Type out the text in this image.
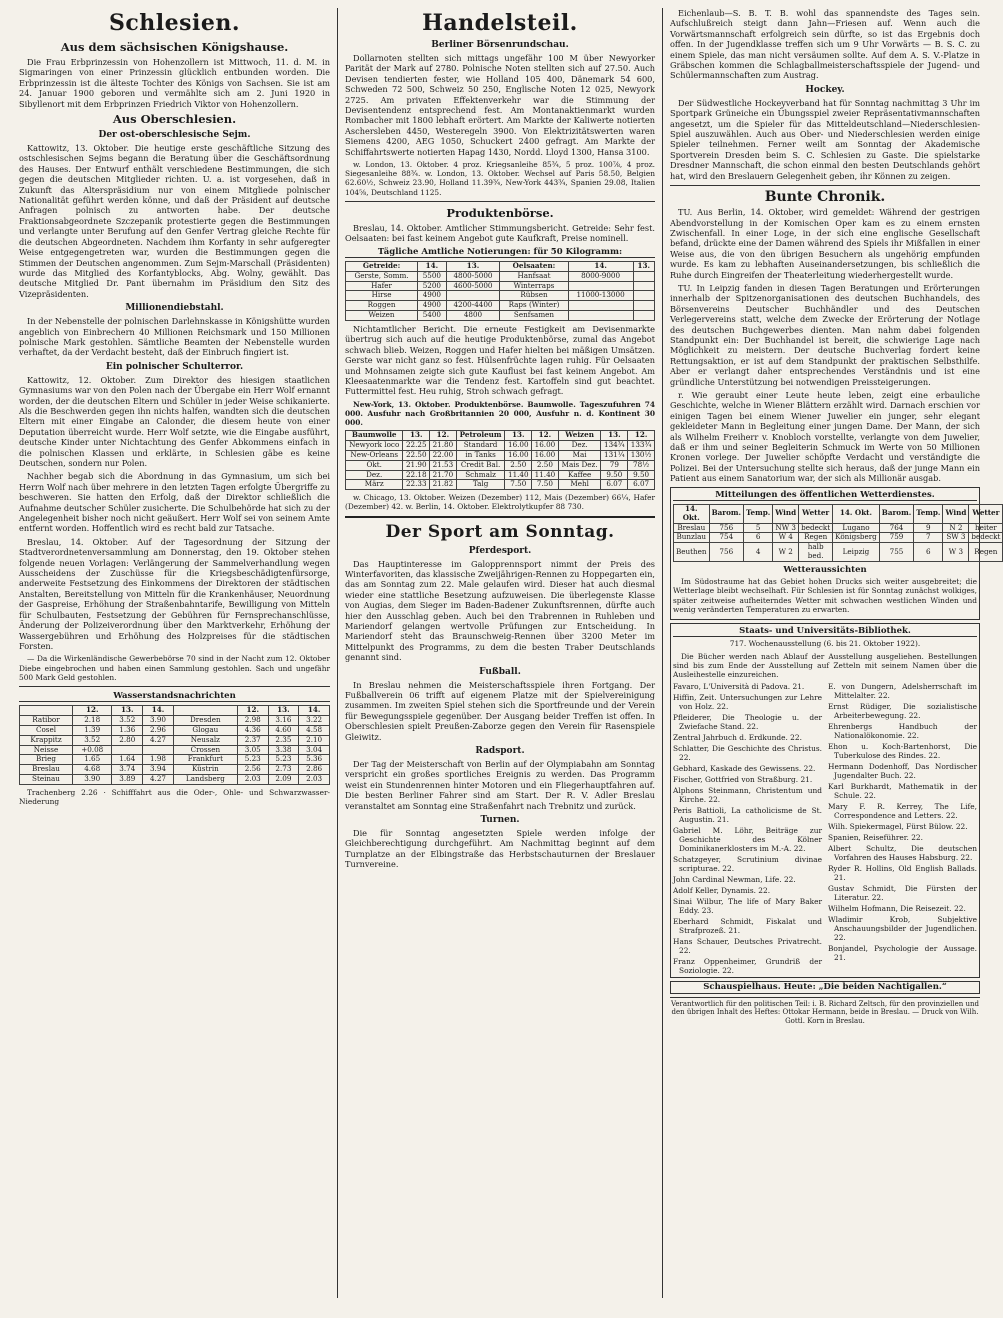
Schlesien.
Aus dem sächsischen Königshause.

Die Frau Erbprinzessin von Hohenzollern ist Mittwoch, 11. d. M. in Sigmaringen von einer Prinzessin glücklich entbunden worden. Die Erbprinzessin ist die älteste Tochter des Königs von Sachsen. Sie ist am 24. Januar 1900 geboren und vermählte sich am 2. Juni 1920 in Sibyllenort mit dem Erbprinzen Friedrich Viktor von Hohenzollern.

Aus Oberschlesien.
Der ost-oberschlesische Sejm.

Kattowitz, 13. Oktober. Die heutige erste geschäftliche Sitzung des ostschlesischen Sejms begann die Beratung über die Geschäftsordnung des Hauses. Der Entwurf enthält verschiedene Bestimmungen, die sich gegen die deutschen Mitglieder richten. U. a. ist vorgesehen, daß in Zukunft das Alterspräsidium nur von einem Mitgliede polnischer Nationalität geführt werden könne, und daß der Präsident auf deutsche Anfragen polnisch zu antworten habe. Der deutsche Fraktionsabgeordnete Szczepanik protestierte gegen die Bestimmungen und verlangte unter Berufung auf den Genfer Vertrag gleiche Rechte für die deutschen Abgeordneten. Nachdem ihm Korfanty in sehr aufgeregter Weise entgegengetreten war, wurden die Bestimmungen gegen die Stimmen der Deutschen angenommen. Zum Sejm-Marschall (Präsidenten) wurde das Mitglied des Korfantyblocks, Abg. Wolny, gewählt. Das deutsche Mitglied Dr. Pant übernahm im Präsidium den Sitz des Vizepräsidenten.

Millionendiebstahl.

In der Nebenstelle der polnischen Darlehnskasse in Königshütte wurden angeblich von Einbrechern 40 Millionen Reichsmark und 150 Millionen polnische Mark gestohlen. Sämtliche Beamten der Nebenstelle wurden verhaftet, da der Verdacht besteht, daß der Einbruch fingiert ist.

Ein polnischer Schulterror.

Kattowitz, 12. Oktober. Zum Direktor des hiesigen staatlichen Gymnasiums war von den Polen nach der Übergabe ein Herr Wolf ernannt worden, der die deutschen Eltern und Schüler in jeder Weise schikanierte. Als die Beschwerden gegen ihn nichts halfen, wandten sich die deutschen Eltern mit einer Eingabe an Calonder, die diesem heute von einer Deputation überreicht wurde. Herr Wolf setzte, wie die Eingabe ausführt, deutsche Kinder unter Nichtachtung des Genfer Abkommens einfach in die polnischen Klassen und erklärte, in Schlesien gäbe es keine Deutschen, sondern nur Polen.

Nachher begab sich die Abordnung in das Gymnasium, um sich bei Herrn Wolf nach über mehrere in den letzten Tagen erfolgte Übergriffe zu beschweren. Sie hatten den Erfolg, daß der Direktor schließlich die Aufnahme deutscher Schüler zusicherte. Die Schulbehörde hat sich zu der Angelegenheit bisher noch nicht geäußert. Herr Wolf sei von seinem Amte entfernt worden. Hoffentlich wird es recht bald zur Tatsache.

Breslau, 14. Oktober. Auf der Tagesordnung der Sitzung der Stadtverordnetenversammlung am Donnerstag, den 19. Oktober stehen folgende neuen Vorlagen: Verlängerung der Sammelverhandlung wegen Ausscheidens der Zuschüsse für die Kriegsbeschädigtenfürsorge, anderweite Festsetzung des Einkommens der Direktoren der städtischen Anstalten, Bereitstellung von Mitteln für die Krankenhäuser, Neuordnung der Gaspreise, Erhöhung der Straßenbahntarife, Bewilligung von Mitteln für Schulbauten, Festsetzung der Gebühren für Fernsprechanschlüsse, Änderung der Polizeiverordnung über den Marktverkehr, Erhöhung der Wassergebühren und Erhöhung des Holzpreises für die städtischen Forsten.

— Da die Wirkenländische Gewerbebörse 70 sind in der Nacht zum 12. Oktober Diebe eingebrochen und haben einen Sammlung gestohlen. Sach und ungefähr 500 Mark Geld gestohlen.

Wasserstandsnachrichten
	12.	13.	14.		12.	13.	14.
Ratibor	2.18	3.52	3.90	Dresden	2.98	3.16	3.22
Cosel	1.39	1.36	2.96	Glogau	4.36	4.60	4.58
Krappitz	3.52	2.80	4.27	Neusalz	2.37	2.35	2.10
Neisse	+0.08			Crossen	3.05	3.38	3.04
Brieg	1.65	1.64	1.98	Frankfurt	5.23	5.23	5.36
Breslau	4.68	3.74	3.94	Küstrin	2.56	2.73	2.86
Steinau	3.90	3.89	4.27	Landsberg	2.03	2.09	2.03

Trachenberg 2.26 · Schifffahrt aus die Oder-, Ohle- und Schwarzwasser-Niederung

Handelsteil.
Berliner Börsenrundschau.

Dollarnoten stellten sich mittags ungefähr 100 M über Newyorker Parität der Mark auf 2780. Polnische Noten stellten sich auf 27.50. Auch Devisen tendierten fester, wie Holland 105 400, Dänemark 54 600, Schweden 72 500, Schweiz 50 250, Englische Noten 12 025, Newyork 2725. Am privaten Effektenverkehr war die Stimmung der Devisentendenz entsprechend fest. Am Montanaktienmarkt wurden Rombacher mit 1800 lebhaft erörtert. Am Markte der Kaliwerte notierten Aschersleben 4450, Westeregeln 3900. Von Elektrizitätswerten waren Siemens 4200, AEG 1050, Schuckert 2400 gefragt. Am Markte der Schiffahrtswerte notierten Hapag 1430, Nordd. Lloyd 1300, Hansa 3100.

w. London, 13. Oktober. 4 proz. Kriegsanleihe 85¾, 5 proz. 100⅞, 4 proz. Siegesanleihe 88¾. w. London, 13. Oktober. Wechsel auf Paris 58.50, Belgien 62.60½, Schweiz 23.90, Holland 11.39¾, New-York 443¾, Spanien 29.08, Italien 104⅝, Deutschland 1125.

Produktenbörse.

Breslau, 14. Oktober. Amtlicher Stimmungsbericht. Getreide: Sehr fest. Oelsaaten: bei fast keinem Angebot gute Kaufkraft, Preise nominell.

Tägliche Amtliche Notierungen: für 50 Kilogramm:
Getreide:	14.	13.	Oelsaaten:	14.	13.
Gerste, Somm.	5500	4800-5000	Hanfsaat	8000-9000	
Hafer	5200	4600-5000	Winterraps		
Hirse	4900		Rübsen	11000-13000	
Roggen	4900	4200-4400	Raps (Winter)		
Weizen	5400	4800	Senfsamen		

Nichtamtlicher Bericht. Die erneute Festigkeit am Devisenmarkte übertrug sich auch auf die heutige Produktenbörse, zumal das Angebot schwach blieb. Weizen, Roggen und Hafer hielten bei mäßigen Umsätzen. Gerste war nicht ganz so fest. Hülsenfrüchte lagen ruhig. Für Oelsaaten und Mohnsamen zeigte sich gute Kauflust bei fast keinem Angebot. Am Kleesaatenmarkte war die Tendenz fest. Kartoffeln sind gut beachtet. Futtermittel fest. Heu ruhig, Stroh schwach gefragt.

New-York, 13. Oktober. Produktenbörse. Baumwolle. Tageszufuhren 74 000. Ausfuhr nach Großbritannien 20 000, Ausfuhr n. d. Kontinent 30 000.

Baumwolle	13.	12.	Petroleum	13.	12.	Weizen	13.	12.
Newyork loco	22.25	21.80	Standard	16.00	16.00	Dez.	134¾	133¾
New-Orleans	22.50	22.00	in Tanks	16.00	16.00	Mai	131¼	130½
Okt.	21.90	21.53	Credit Bal.	2.50	2.50	Mais Dez.	79	78½
Dez.	22.18	21.70	Schmalz	11.40	11.40	Kaffee	9.50	9.50
März	22.33	21.82	Talg	7.50	7.50	Mehl	6.07	6.07

w. Chicago, 13. Oktober. Weizen (Dezember) 112, Mais (Dezember) 66¼, Hafer (Dezember) 42. w. Berlin, 14. Oktober. Elektrolytkupfer 88 730.

Der Sport am Sonntag.
Pferdesport.

Das Hauptinteresse im Galopprennsport nimmt der Preis des Winterfavoriten, das klassische Zweijährigen-Rennen zu Hoppegarten ein, das am Sonntag zum 22. Male gelaufen wird. Dieser hat auch diesmal wieder eine stattliche Besetzung aufzuweisen. Die überlegenste Klasse von Augias, dem Sieger im Baden-Badener Zukunftsrennen, dürfte auch hier den Ausschlag geben. Auch bei den Trabrennen in Ruhleben und Mariendorf gelangen wertvolle Prüfungen zur Entscheidung. In Mariendorf steht das Braunschweig-Rennen über 3200 Meter im Mittelpunkt des Programms, zu dem die besten Traber Deutschlands genannt sind.

Fußball.

In Breslau nehmen die Meisterschaftsspiele ihren Fortgang. Der Fußballverein 06 trifft auf eigenem Platze mit der Spielvereinigung zusammen. Im zweiten Spiel stehen sich die Sportfreunde und der Verein für Bewegungsspiele gegenüber. Der Ausgang beider Treffen ist offen. In Oberschlesien spielt Preußen-Zaborze gegen den Verein für Rasenspiele Gleiwitz.

Radsport.

Der Tag der Meisterschaft von Berlin auf der Olympiabahn am Sonntag verspricht ein großes sportliches Ereignis zu werden. Das Programm weist ein Stundenrennen hinter Motoren und ein Fliegerhauptfahren auf. Die besten Berliner Fahrer sind am Start. Der R. V. Adler Breslau veranstaltet am Sonntag eine Straßenfahrt nach Trebnitz und zurück.

Turnen.

Die für Sonntag angesetzten Spiele werden infolge der Gleichberechtigung durchgeführt. Am Nachmittag beginnt auf dem Turnplatze an der Elbingstraße das Herbstschauturnen der Breslauer Turnvereine.

Eichenlaub—S. B. T. B. wohl das spannendste des Tages sein. Aufschlußreich steigt dann Jahn—Friesen auf. Wenn auch die Vorwärtsmannschaft erfolgreich sein dürfte, so ist das Ergebnis doch offen. In der Jugendklasse treffen sich um 9 Uhr Vorwärts — B. S. C. zu einem Spiele, das man nicht versäumen sollte. Auf dem A. S. V.-Platze in Gräbschen kommen die Schlagballmeisterschaftsspiele der Jugend- und Schülermannschaften zum Austrag.

Hockey.

Der Südwestliche Hockeyverband hat für Sonntag nachmittag 3 Uhr im Sportpark Grüneiche ein Übungsspiel zweier Repräsentativmannschaften angesetzt, um die Spieler für das Mitteldeutschland—Niederschlesien-Spiel auszuwählen. Auch aus Ober- und Niederschlesien werden einige Spieler teilnehmen. Ferner weilt am Sonntag der Akademische Sportverein Dresden beim S. C. Schlesien zu Gaste. Die spielstarke Dresdner Mannschaft, die schon einmal den besten Deutschlands gehört hat, wird den Breslauern Gelegenheit geben, ihr Können zu zeigen.

Bunte Chronik.

TU. Aus Berlin, 14. Oktober, wird gemeldet: Während der gestrigen Abendvorstellung in der Komischen Oper kam es zu einem ernsten Zwischenfall. In einer Loge, in der sich eine englische Gesellschaft befand, drückte eine der Damen während des Spiels ihr Mißfallen in einer Weise aus, die von den übrigen Besuchern als ungehörig empfunden wurde. Es kam zu lebhaften Auseinandersetzungen, bis schließlich die Ruhe durch Eingreifen der Theaterleitung wiederhergestellt wurde.

TU. In Leipzig fanden in diesen Tagen Beratungen und Erörterungen innerhalb der Spitzenorganisationen des deutschen Buchhandels, des Börsenvereins Deutscher Buchhändler und des Deutschen Verlegervereins statt, welche dem Zwecke der Erörterung der Notlage des deutschen Buchgewerbes dienten. Man nahm dabei folgenden Standpunkt ein: Der Buchhandel ist bereit, die schwierige Lage nach Möglichkeit zu meistern. Der deutsche Buchverlag fordert keine Rettungsaktion, er ist auf dem Standpunkt der praktischen Selbsthilfe. Aber er verlangt daher entsprechendes Verständnis und ist eine gründliche Unterstützung bei notwendigen Preissteigerungen.

r. Wie geraubt einer Leute heute leben, zeigt eine erbauliche Geschichte, welche in Wiener Blättern erzählt wird. Darnach erschien vor einigen Tagen bei einem Wiener Juwelier ein junger, sehr elegant gekleideter Mann in Begleitung einer jungen Dame. Der Mann, der sich als Wilhelm Freiherr v. Knobloch vorstellte, verlangte von dem Juwelier, daß er ihm und seiner Begleiterin Schmuck im Werte von 50 Millionen Kronen vorlege. Der Juwelier schöpfte Verdacht und verständigte die Polizei. Bei der Untersuchung stellte sich heraus, daß der junge Mann ein Patient aus einem Sanatorium war, der sich als Millionär ausgab.

Mitteilungen des öffentlichen Wetterdienstes.
14. Okt.	Barom.	Temp.	Wind	Wetter	14. Okt.	Barom.	Temp.	Wind	Wetter
Breslau	756	5	NW 3	bedeckt	Lugano	764	9	N 2	heiter
Bunzlau	754	6	W 4	Regen	Königsberg	759	7	SW 3	bedeckt
Beuthen	756	4	W 2	halb bed.	Leipzig	755	6	W 3	Regen
Wetteraussichten

Im Südostraume hat das Gebiet hohen Drucks sich weiter ausgebreitet; die Wetterlage bleibt wechselhaft. Für Schlesien ist für Sonntag zunächst wolkiges, später zeitweise aufheiterndes Wetter mit schwachen westlichen Winden und wenig veränderten Temperaturen zu erwarten.

Staats- und Universitäts-Bibliothek.

717. Wochenausstellung (6. bis 21. Oktober 1922).

Die Bücher werden nach Ablauf der Ausstellung ausgeliehen. Bestellungen sind bis zum Ende der Ausstellung auf Zetteln mit seinem Namen über die Ausleihestelle einzureichen.

Favaro, L'Università di Padova. 21.
Hiffin, Zeit. Untersuchungen zur Lehre von Holz. 22.
Pfleiderer, Die Theologie u. der Zwiefache Stand. 22.
Zentral Jahrbuch d. Erdkunde. 22.
Schlatter, Die Geschichte des Christus. 22.
Gebhard, Kaskade des Gewissens. 22.
Fischer, Gottfried von Straßburg. 21.
Alphons Steinmann, Christentum und Kirche. 22.
Peris Battioli, La catholicisme de St. Augustin. 21.
Gabriel M. Löhr, Beiträge zur Geschichte des Kölner Dominikanerklosters im M.-A. 22.
Schatzgeyer, Scrutinium divinae scripturae. 22.
John Cardinal Newman, Life. 22.
Adolf Keller, Dynamis. 22.
Sinai Wilbur, The life of Mary Baker Eddy. 23.
Eberhard Schmidt, Fiskalat und Strafprozeß. 21.
Hans Schauer, Deutsches Privatrecht. 22.
Franz Oppenheimer, Grundriß der Soziologie. 22.
E. von Dungern, Adelsherrschaft im Mittelalter. 22.
Ernst Rüdiger, Die sozialistische Arbeiterbewegung. 22.
Ehrenbergs Handbuch der Nationalökonomie. 22.
Ehon u. Koch-Bartenhorst, Die Tuberkulose des Rindes. 22.
Hermann Dodenhoff, Das Nordischer Jugendalter Buch. 22.
Karl Burkhardt, Mathematik in der Schule. 22.
Mary F. R. Kerrey, The Life, Correspondence and Letters. 22.
Wilh. Spiekermagel, Fürst Bülow. 22.
Spanien, Reiseführer. 22.
Albert Schultz, Die deutschen Vorfahren des Hauses Habsburg. 22.
Ryder R. Hollins, Old English Ballads. 21.
Gustav Schmidt, Die Fürsten der Literatur. 22.
Wilhelm Hofmann, Die Reisezeit. 22.
Wladimir Krob, Subjektive Anschauungsbilder der Jugendlichen. 22.
Bonjandel, Psychologie der Aussage. 21.
Schauspielhaus. Heute: „Die beiden Nachtigallen.“
Verantwortlich für den politischen Teil: i. B. Richard Zeltsch, für den provinziellen und den übrigen Inhalt des Heftes: Ottokar Hermann, beide in Breslau. — Druck von Wilh. Gottl. Korn in Breslau.
